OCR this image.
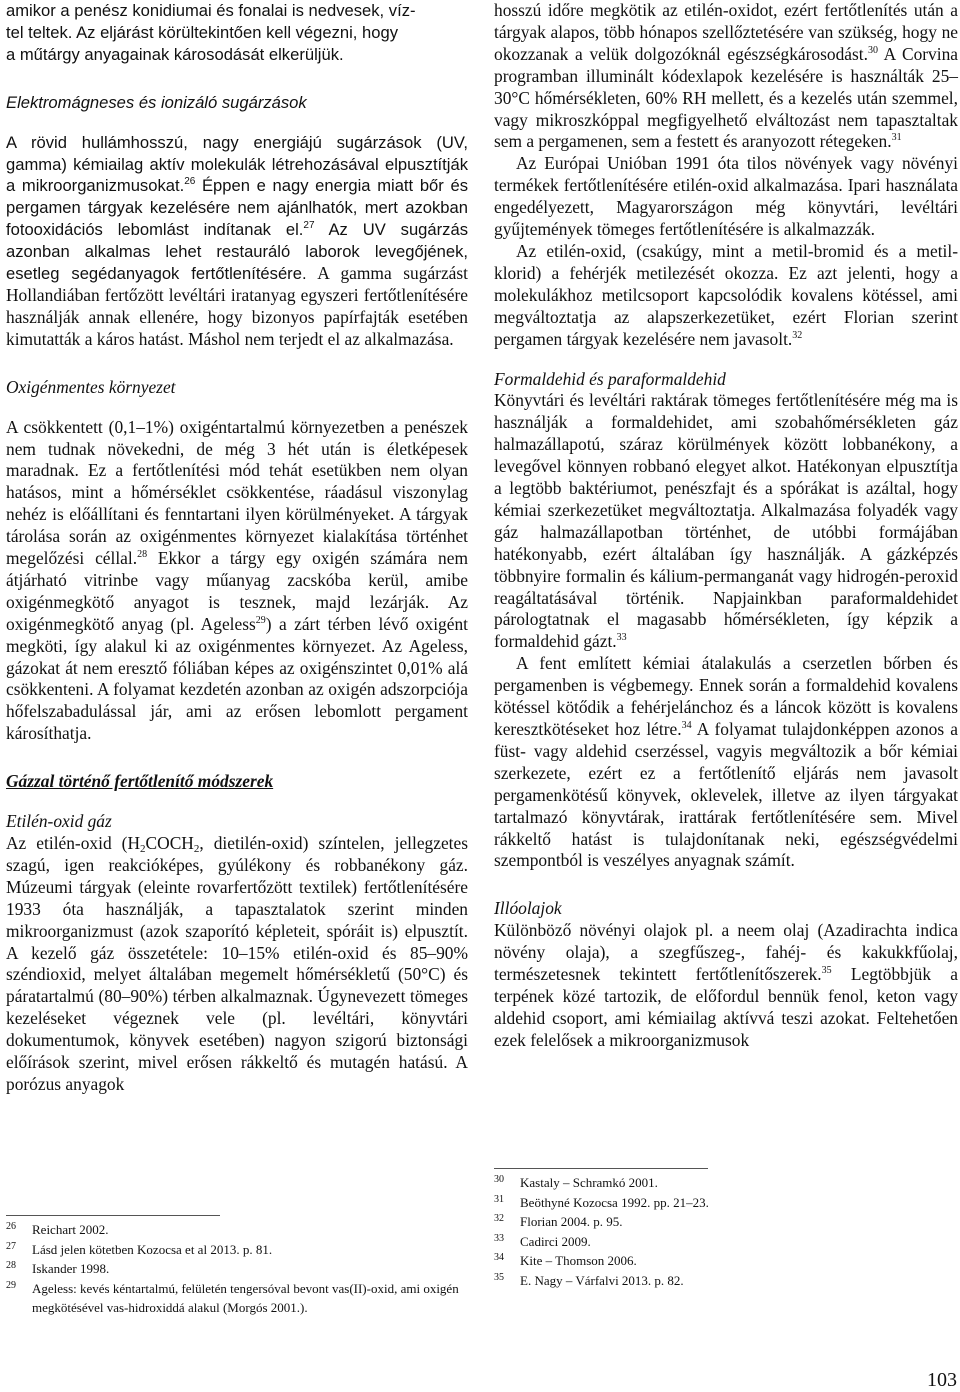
amikor a penész konidiumai és fonalai is nedvesek, víz-
tel teltek. Az eljárást körültekintően kell végezni, hogy
a műtárgy anyagainak károsodását elkerüljük.

Elektromágneses és ionizáló sugárzások

A rövid hullámhosszú, nagy energiájú sugárzások (UV, gamma) kémiailag aktív molekulák létrehozásával elpusztítják a mikroorganizmusokat.$^{26}$ Éppen e nagy energia miatt bőr és pergamen tárgyak kezelésére nem ajánlhatók, mert azokban fotooxidációs lebomlást indítanak el.$^{27}$ Az UV sugárzás azonban alkalmas lehet restauráló laborok levegőjének, esetleg segédanyagok fertőtlenítésére. A gamma sugárzást Hollandiában fertőzött levéltári iratanyag egyszeri fertőtlenítésére használják annak ellenére, hogy bizonyos papírfajták esetében kimutatták a káros hatást. Máshol nem terjedt el az alkalmazása.

Oxigénmentes környezet

A csökkentett (0,1–1%) oxigéntartalmú környezetben a penészek nem tudnak növekedni, de még 3 hét után is életképesek maradnak. Ez a fertőtlenítési mód tehát esetükben nem olyan hatásos, mint a hőmérséklet csökkentése, ráadásul viszonylag nehéz is előállítani és fenntartani ilyen körülményeket. A tárgyak tárolása során az oxigénmentes környezet kialakítása történhet megelőzési céllal.$^{28}$ Ekkor a tárgy egy oxigén számára nem átjárható vitrinbe vagy műanyag zacskóba kerül, amibe oxigénmegkötő anyagot is tesznek, majd lezárják. Az oxigénmegkötő anyag (pl. Ageless$^{29}$) a zárt térben lévő oxigént megköti, így alakul ki az oxigénmentes környezet. Az Ageless, gázokat át nem eresztő fóliában képes az oxigénszintet 0,01% alá csökkenteni. A folyamat kezdetén azonban az oxigén adszorpciója hőfelszabadulással jár, ami az erősen lebomlott pergament károsíthatja.

Gázzal történő fertőtlenítő módszerek

Etilén-oxid gáz

Az etilén-oxid ($H_2COCH_2$, dietilén-oxid) színtelen, jellegzetes szagú, igen reakcióképes, gyúlékony és robbanékony gáz. Múzeumi tárgyak (eleinte rovarfertőzött textilek) fertőtlenítésére 1933 óta használják, a tapasztalatok szerint minden mikroorganizmust (azok szaporító képleteit, spóráit is) elpusztít. A kezelő gáz összetétele: 10–15% etilén-oxid és 85–90% széndioxid, melyet általában megemelt hőmérsékletű (50°C) és páratartalmú (80–90%) térben alkalmaznak. Úgynevezett tömeges kezeléseket végeznek vele (pl. levéltári, könyvtári dokumentumok, könyvek esetében) nagyon szigorú biztonsági előírások szerint, mivel erősen rákkeltő és mutagén hatású. A porózus anyagok

26 Reichart 2002.
27 Lásd jelen kötetben Kozocsa et al 2013. p. 81.
28 Iskander 1998.
29 Ageless: kevés kéntartalmú, felületén tengersóval bevont vas(II)-oxid, ami oxigén megkötésével vas-hidroxiddá alakul (Morgós 2001.).

hosszú időre megkötik az etilén-oxidot, ezért fertőtlenítés után a tárgyak alapos, több hónapos szellőztetésére van szükség, hogy ne okozzanak a velük dolgozóknál egészségkárosodást.$^{30}$ A Corvina programban illuminált kódexlapok kezelésére is használták 25–30°C hőmérsékleten, 60% RH mellett, és a kezelés után szemmel, vagy mikroszkóppal megfigyelhető elváltozást nem tapasztaltak sem a pergamenen, sem a festett és aranyozott rétegeken.$^{31}$

Az Európai Unióban 1991 óta tilos növények vagy növényi termékek fertőtlenítésére etilén-oxid alkalmazása. Ipari használata engedélyezett, Magyarországon még könyvtári, levéltári gyűjtemények tömeges fertőtlenítésére is alkalmazzák.

Az etilén-oxid, (csakúgy, mint a metil-bromid és a metil-klorid) a fehérjék metilezését okozza. Ez azt jelenti, hogy a molekulákhoz metilcsoport kapcsolódik kovalens kötéssel, ami megváltoztatja az alapszerkezetüket, ezért Florian szerint pergamen tárgyak kezelésére nem javasolt.$^{32}$

Formaldehid és paraformaldehid

Könyvtári és levéltári raktárak tömeges fertőtlenítésére még ma is használják a formaldehidet, ami szobahőmérsékleten gáz halmazállapotú, száraz körülmények között lobbanékony, a levegővel könnyen robbanó elegyet alkot. Hatékonyan elpusztítja a legtöbb baktériumot, penészfajt és a spórákat is azáltal, hogy kémiai szerkezetüket megváltoztatja. Alkalmazása folyadék vagy gáz halmazállapotban történhet, de utóbbi formájában hatékonyabb, ezért általában így használják. A gázképzés többnyire formalin és kálium-permanganát vagy hidrogén-peroxid reagáltatásával történik. Napjainkban paraformaldehidet párologtatnak el magasabb hőmérsékleten, így képzik a formaldehid gázt.$^{33}$

A fent említett kémiai átalakulás a cserzetlen bőrben és pergamenben is végbemegy. Ennek során a formaldehid kovalens kötéssel kötődik a fehérjelánchoz és a láncok között is kovalens keresztkötéseket hoz létre.$^{34}$ A folyamat tulajdonképpen azonos a füst- vagy aldehid cserzéssel, vagyis megváltozik a bőr kémiai szerkezete, ezért ez a fertőtlenítő eljárás nem javasolt pergamenkötésű könyvek, oklevelek, illetve az ilyen tárgyakat tartalmazó könyvtárak, irattárak fertőtlenítésére sem. Mivel rákkeltő hatást is tulajdonítanak neki, egészségvédelmi szempontból is veszélyes anyagnak számít.

Illóolajok

Különböző növényi olajok pl. a neem olaj (Azadirachta indica növény olaja), a szegfűszeg-, fahéj- és kakukkfűolaj, természetesnek tekintett fertőtlenítőszerek.$^{35}$ Legtöbbjük a terpének közé tartozik, de előfordul bennük fenol, keton vagy aldehid csoport, ami kémiailag aktívvá teszi azokat. Feltehetően ezek felelősek a mikroorganizmusok

30 Kastaly – Schramkó 2001.
31 Beöthyné Kozocsa 1992. pp. 21–23.
32 Florian 2004. p. 95.
33 Cadirci 2009.
34 Kite – Thomson 2006.
35 E. Nagy – Várfalvi 2013. p. 82.
103
